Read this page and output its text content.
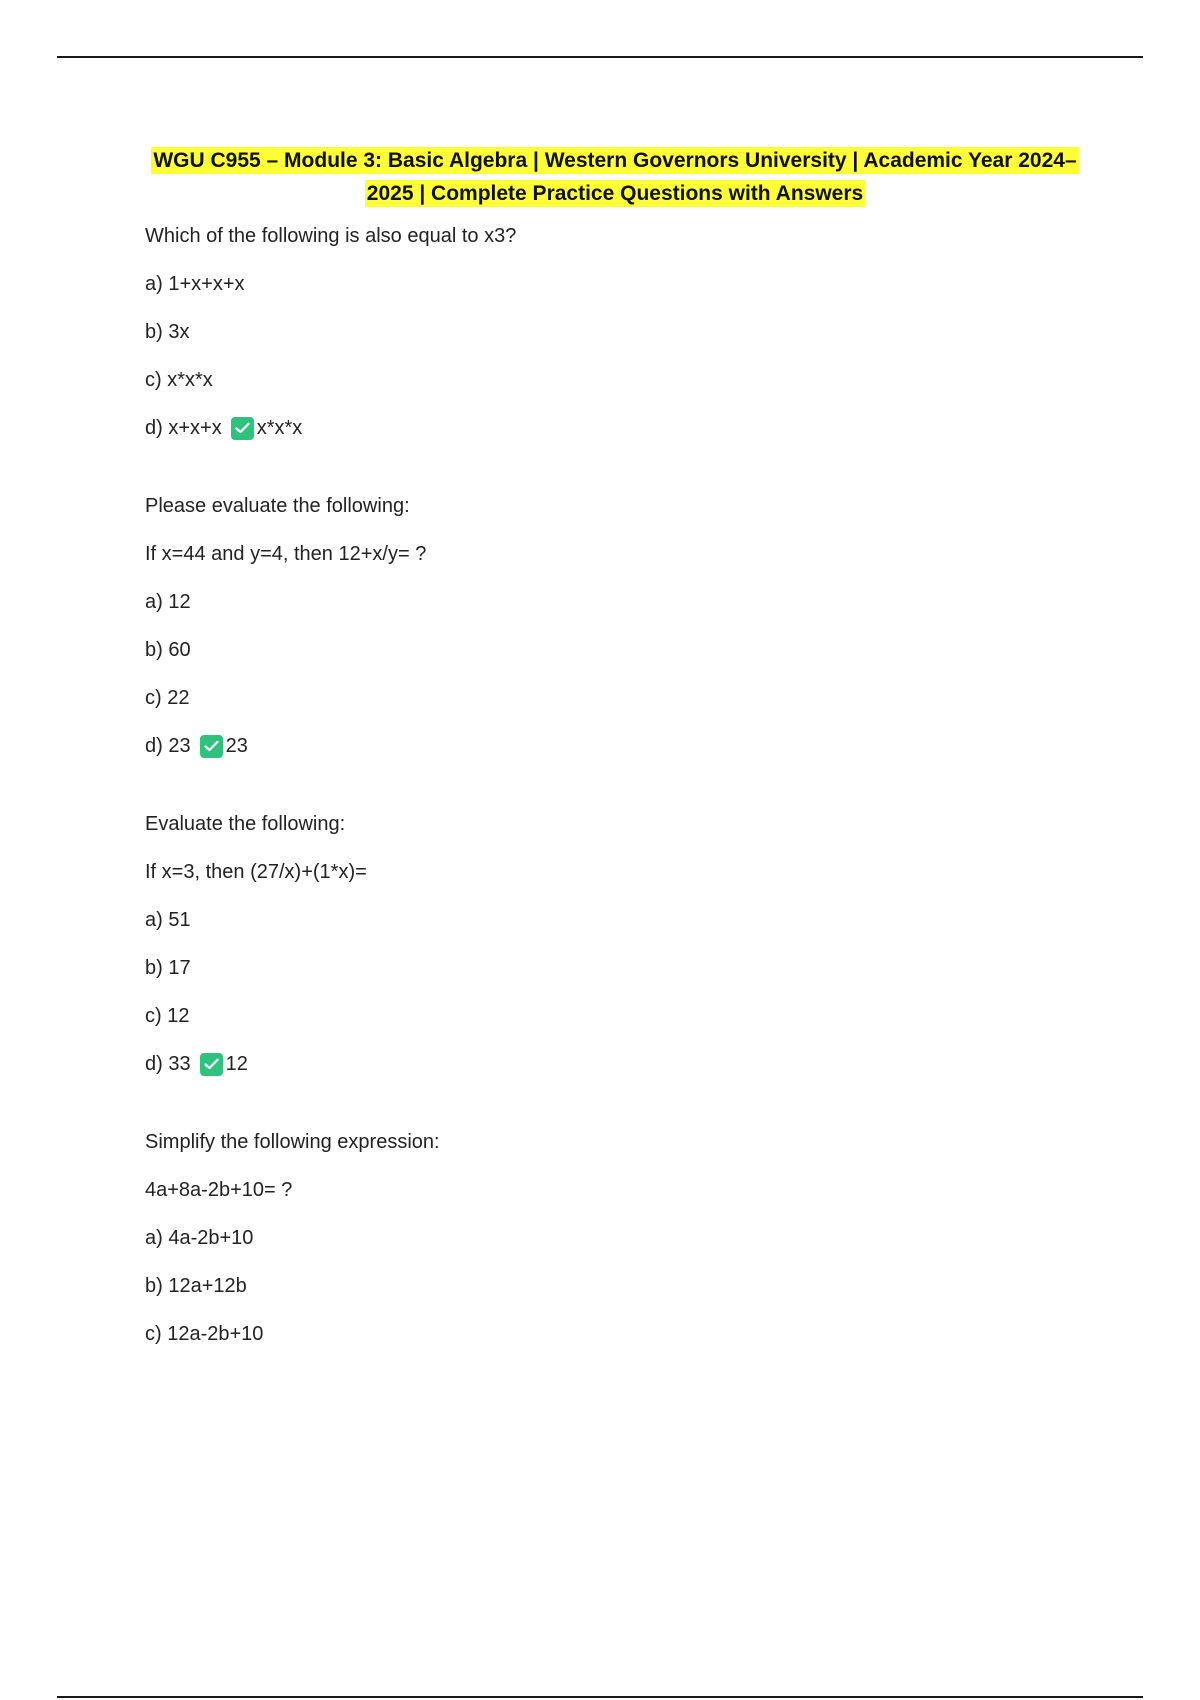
WGU C955 – Module 3: Basic Algebra | Western Governors University | Academic Year 2024–
2025 | Complete Practice Questions with Answers
Which of the following is also equal to x3?
a) 1+x+x+x
b) 3x
c) x*x*x
d) x+x+x x*x*x
Please evaluate the following:
If x=44 and y=4, then 12+x/y= ?
a) 12
b) 60
c) 22
d) 23 23
Evaluate the following:
If x=3, then (27/x)+(1*x)=
a) 51
b) 17
c) 12
d) 33 12
Simplify the following expression:
4a+8a-2b+10= ?
a) 4a-2b+10
b) 12a+12b
c) 12a-2b+10
